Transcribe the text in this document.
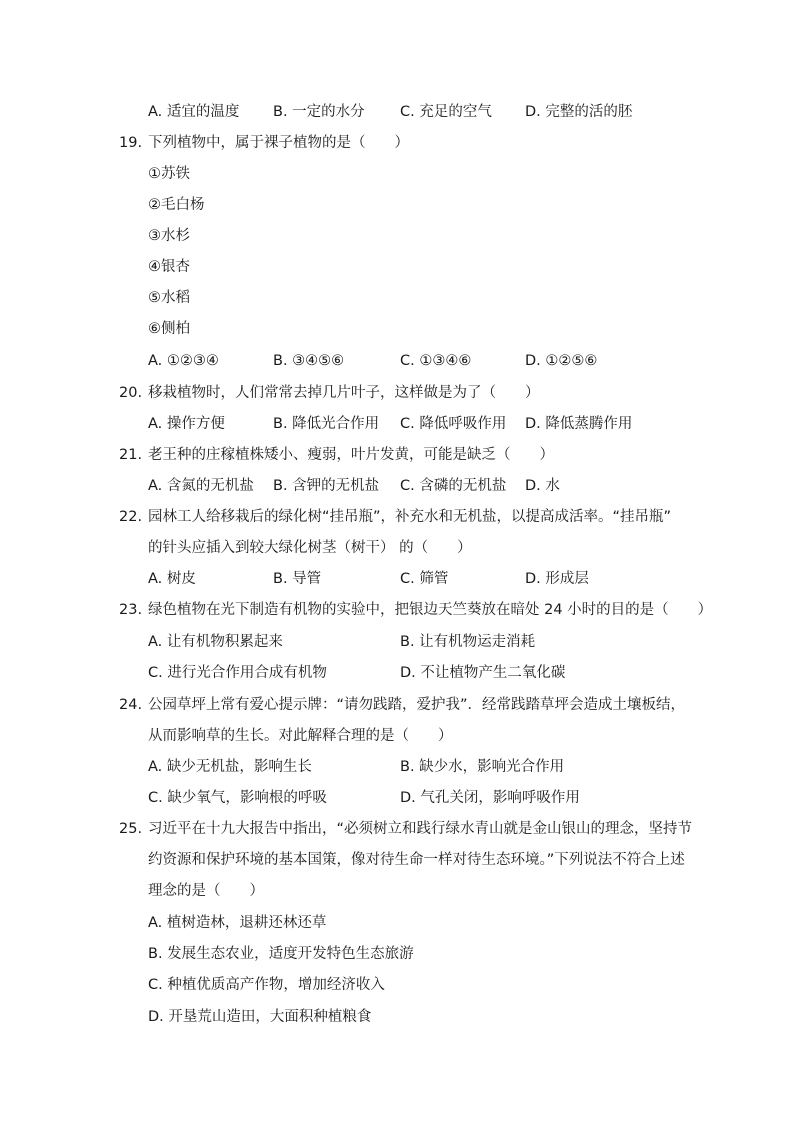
A. 适宜的温度 B. 一定的水分 C. 充足的空气 D. 完整的活的胚
19. 下列植物中，属于裸子植物的是（　　）
①苏铁
②毛白杨
③水杉
④银杏
⑤水稻
⑥侧柏
A. ①②③④	B. ③④⑤⑥	C. ①③④⑥	D. ①②⑤⑥
20. 移栽植物时，人们常常去掉几片叶子，这样做是为了（　　）
A. 操作方便	B. 降低光合作用 C. 降低呼吸作用 D. 降低蒸腾作用
21. 老王种的庄稼植株矮小、瘦弱，叶片发黄，可能是缺乏（　　）
A. 含氮的无机盐 B. 含钾的无机盐 C. 含磷的无机盐 D. 水
22. 园林工人给移栽后的绿化树“挂吊瓶”，补充水和无机盐，以提高成活率。“挂吊瓶”
的针头应插入到较大绿化树茎（树干） 的（　　）
A. 树皮	B. 导管	C. 筛管	D. 形成层
23. 绿色植物在光下制造有机物的实验中，把银边天竺葵放在暗处 24 小时的目的是（　　）
A. 让有机物积累起来	B. 让有机物运走消耗
C. 进行光合作用合成有机物	D. 不让植物产生二氧化碳
24. 公园草坪上常有爱心提示牌：“请勿践踏，爱护我”．经常践踏草坪会造成土壤板结，
从而影响草的生长。对此解释合理的是（　　）
A. 缺少无机盐，影响生长	B. 缺少水，影响光合作用
C. 缺少氧气，影响根的呼吸	D. 气孔关闭，影响呼吸作用
25. 习近平在十九大报告中指出，“必须树立和践行绿水青山就是金山银山的理念，坚持节
约资源和保护环境的基本国策，像对待生命一样对待生态环境。”下列说法不符合上述
理念的是（　　）
A. 植树造林，退耕还林还草
B. 发展生态农业，适度开发特色生态旅游
C. 种植优质高产作物，增加经济收入
D. 开垦荒山造田，大面积种植粮食
